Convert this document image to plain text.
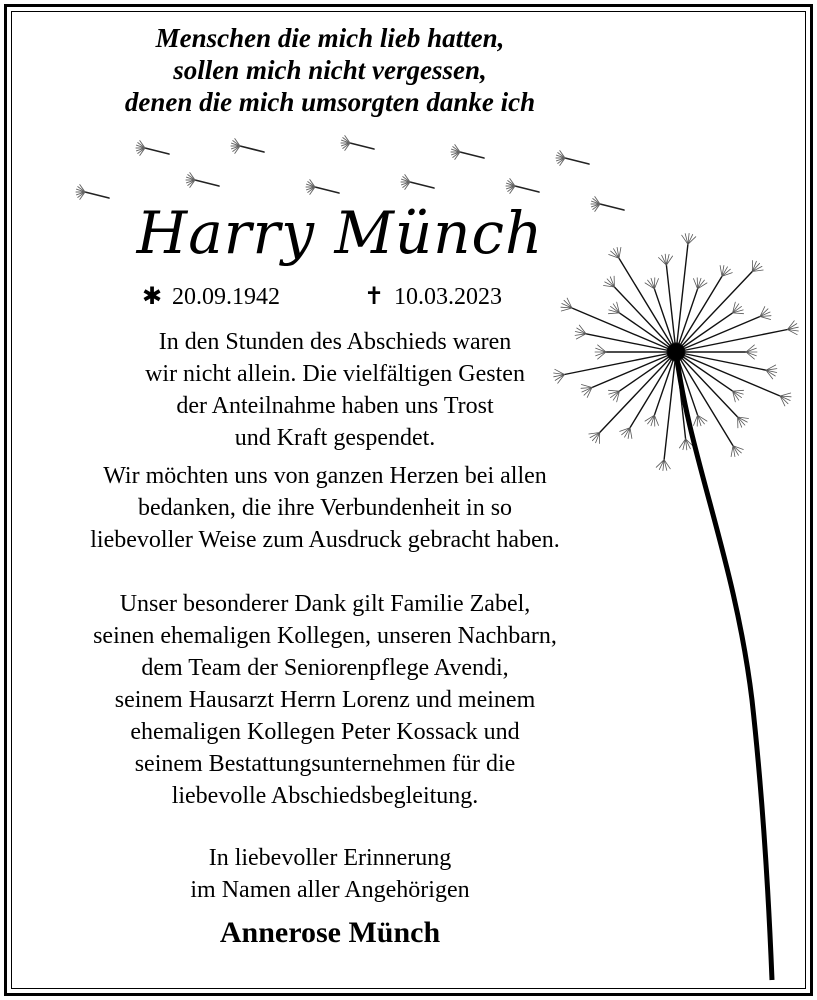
Menschen die mich lieb hatten,
sollen mich nicht vergessen,
denen die mich umsorgten danke ich
Harry Münch
✱ 20.09.1942	✝ 10.03.2023
In den Stunden des Abschieds waren
wir nicht allein. Die vielfältigen Gesten
der Anteilnahme haben uns Trost
und Kraft gespendet.
Wir möchten uns von ganzen Herzen bei allen
bedanken, die ihre Verbundenheit in so
liebevoller Weise zum Ausdruck gebracht haben.
Unser besonderer Dank gilt Familie Zabel,
seinen ehemaligen Kollegen, unseren Nachbarn,
dem Team der Seniorenpflege Avendi,
seinem Hausarzt Herrn Lorenz und meinem
ehemaligen Kollegen Peter Kossack und
seinem Bestattungsunternehmen für die
liebevolle Abschiedsbegleitung.
In liebevoller Erinnerung
im Namen aller Angehörigen
Annerose Münch
